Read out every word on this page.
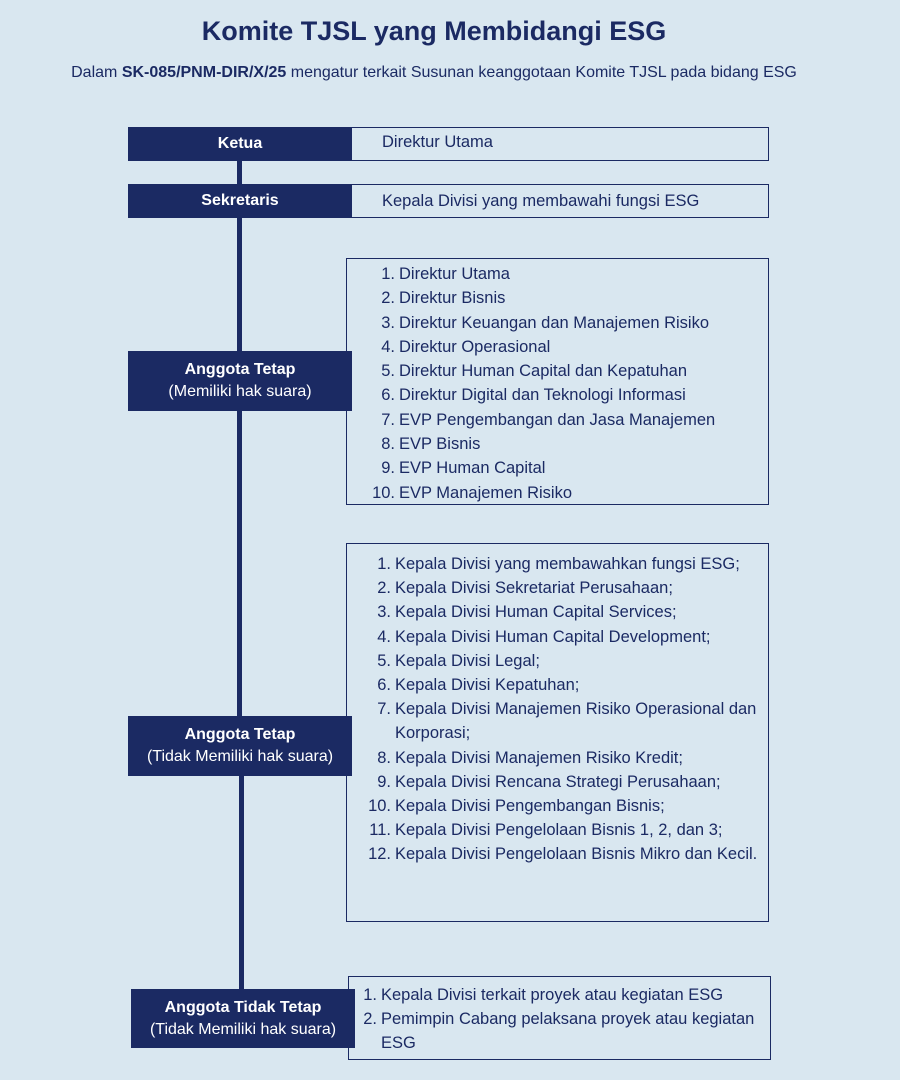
Komite TJSL yang Membidangi ESG
Dalam SK-085/PNM-DIR/X/25 mengatur terkait Susunan keanggotaan Komite TJSL pada bidang ESG
Ketua	Direktur Utama
Sekretaris	Kepala Divisi yang membawahi fungsi ESG
1. Direktur Utama
2. Direktur Bisnis
3. Direktur Keuangan dan Manajemen Risiko
4. Direktur Operasional
5. Direktur Human Capital dan Kepatuhan
6. Direktur Digital dan Teknologi Informasi
7. EVP Pengembangan dan Jasa Manajemen
8. EVP Bisnis
9. EVP Human Capital
10. EVP Manajemen Risiko
Anggota Tetap
(Memiliki hak suara)
1. Kepala Divisi yang membawahkan fungsi ESG;
2. Kepala Divisi Sekretariat Perusahaan;
3. Kepala Divisi Human Capital Services;
4. Kepala Divisi Human Capital Development;
5. Kepala Divisi Legal;
6. Kepala Divisi Kepatuhan;
7. Kepala Divisi Manajemen Risiko Operasional dan Korporasi;
8. Kepala Divisi Manajemen Risiko Kredit;
9. Kepala Divisi Rencana Strategi Perusahaan;
10. Kepala Divisi Pengembangan Bisnis;
11. Kepala Divisi Pengelolaan Bisnis 1, 2, dan 3;
12. Kepala Divisi Pengelolaan Bisnis Mikro dan Kecil.
Anggota Tetap
(Tidak Memiliki hak suara)
1. Kepala Divisi terkait proyek atau kegiatan ESG
2. Pemimpin Cabang pelaksana proyek atau kegiatan ESG
Anggota Tidak Tetap
(Tidak Memiliki hak suara)
